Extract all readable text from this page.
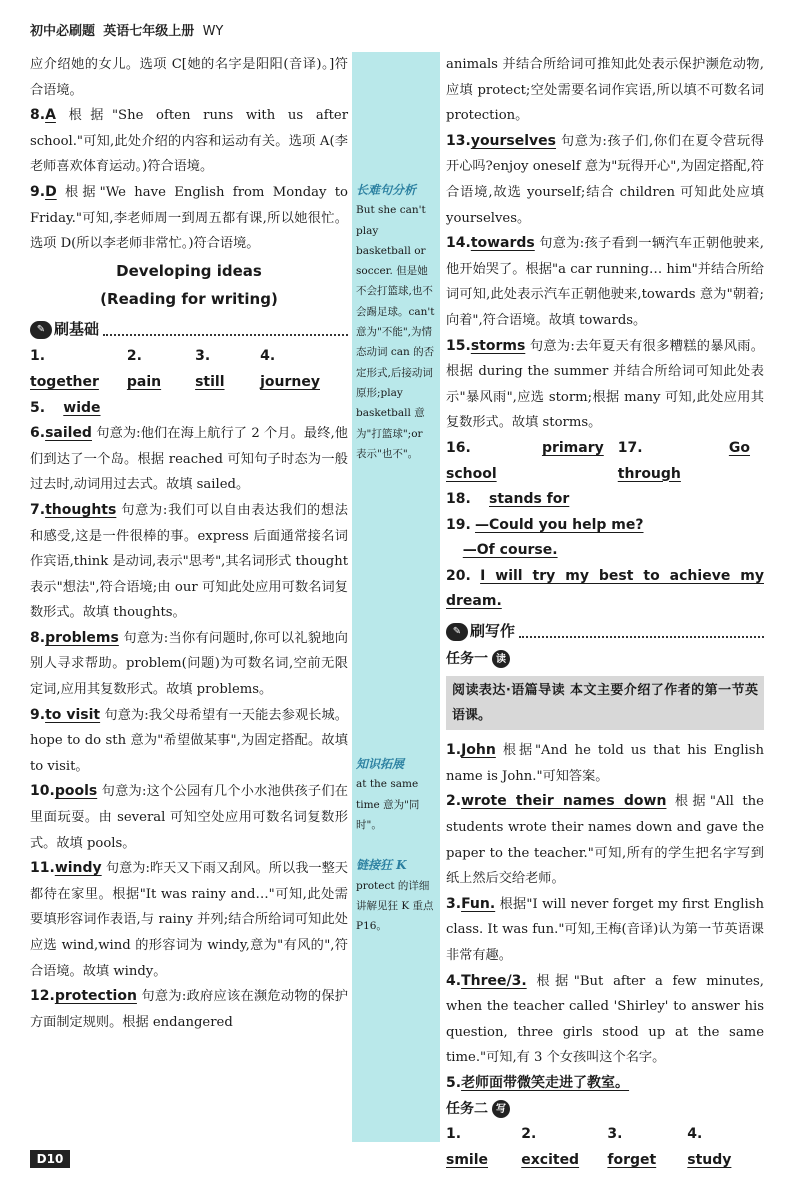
初中必刷题 英语七年级上册 WY

应介绍她的女儿。选项 C[她的名字是阳阳(音译)。]符合语境。

8.A 根据"She often runs with us after school."可知,此处介绍的内容和运动有关。选项 A(李老师喜欢体育运动。)符合语境。

9.D 根据"We have English from Monday to Friday."可知,李老师周一到周五都有课,所以她很忙。选项 D(所以李老师非常忙。)符合语境。

Developing ideas
(Reading for writing)
✎ 刷基础
1. together
2. pain
3. still
4. journey
5. wide

6.sailed 句意为:他们在海上航行了 2 个月。最终,他们到达了一个岛。根据 reached 可知句子时态为一般过去时,动词用过去式。故填 sailed。

7.thoughts 句意为:我们可以自由表达我们的想法和感受,这是一件很棒的事。express 后面通常接名词作宾语,think 是动词,表示"思考",其名词形式 thought 表示"想法",符合语境;由 our 可知此处应用可数名词复数形式。故填 thoughts。

8.problems 句意为:当你有问题时,你可以礼貌地向别人寻求帮助。problem(问题)为可数名词,空前无限定词,应用其复数形式。故填 problems。

9.to visit 句意为:我父母希望有一天能去参观长城。hope to do sth 意为"希望做某事",为固定搭配。故填 to visit。

10.pools 句意为:这个公园有几个小水池供孩子们在里面玩耍。由 several 可知空处应用可数名词复数形式。故填 pools。

11.windy 句意为:昨天又下雨又刮风。所以我一整天都待在家里。根据"It was rainy and…"可知,此处需要填形容词作表语,与 rainy 并列;结合所给词可知此处应选 wind,wind 的形容词为 windy,意为"有风的",符合语境。故填 windy。

12.protection 句意为:政府应该在濒危动物的保护方面制定规则。根据 endangered

长难句分析
But she can't play basketball or soccer. 但是她不会打篮球,也不会踢足球。can't 意为"不能",为情态动词 can 的否定形式,后接动词原形;play basketball 意为"打篮球";or 表示"也不"。
知识拓展
at the same time 意为"同时"。
链接狂 K
protect 的详细讲解见狂 K 重点 P16。

animals 并结合所给词可推知此处表示保护濒危动物,应填 protect;空处需要名词作宾语,所以填不可数名词 protection。

13.yourselves 句意为:孩子们,你们在夏令营玩得开心吗?enjoy oneself 意为"玩得开心",为固定搭配,符合语境,故选 yourself;结合 children 可知此处应填 yourselves。

14.towards 句意为:孩子看到一辆汽车正朝他驶来,他开始哭了。根据"a car running… him"并结合所给词可知,此处表示汽车正朝他驶来,towards 意为"朝着;向着",符合语境。故填 towards。

15.storms 句意为:去年夏天有很多糟糕的暴风雨。根据 during the summer 并结合所给词可知此处表示"暴风雨",应选 storm;根据 many 可知,此处应用其复数形式。故填 storms。

16.	primary school
17.	Go through
18. stands for
19. —Could you help me?
—Of course.
20. I will try my best to achieve my dream.
✎ 刷写作
任务一 读
阅读表达·语篇导读 本文主要介绍了作者的第一节英语课。

1.John 根据"And he told us that his English name is John."可知答案。

2.wrote their names down 根据"All the students wrote their names down and gave the paper to the teacher."可知,所有的学生把名字写到纸上然后交给老师。

3.Fun. 根据"I will never forget my first English class. It was fun."可知,王梅(音译)认为第一节英语课非常有趣。

4.Three/3. 根据"But after a few minutes, when the teacher called 'Shirley' to answer his question, three girls stood up at the same time."可知,有 3 个女孩叫这个名字。

5.老师面带微笑走进了教室。

任务二 写
1. smile
2. excited
3. forget
4. study
D10
